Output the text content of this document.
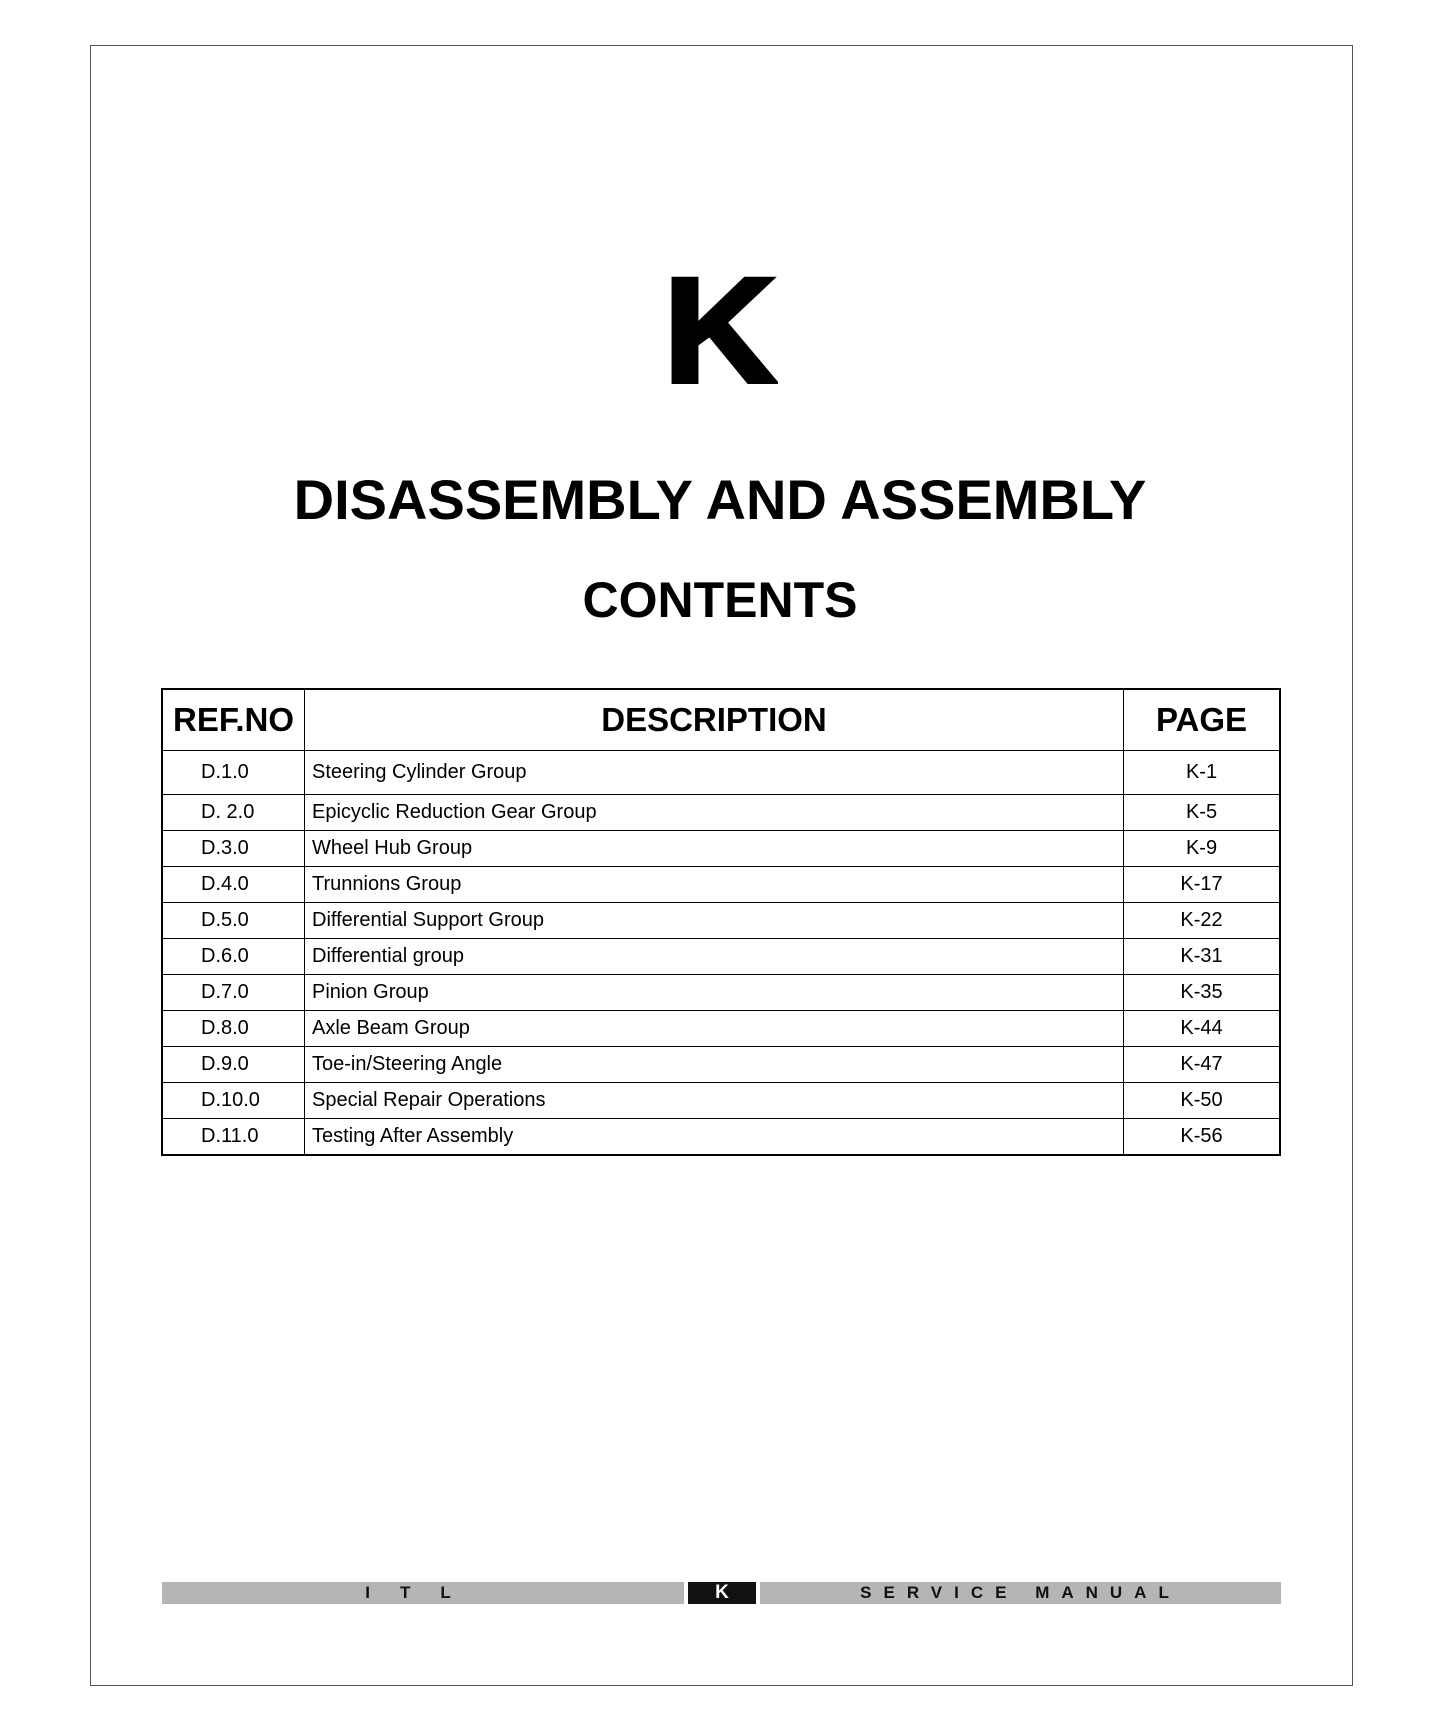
K
DISASSEMBLY AND ASSEMBLY
CONTENTS
REF.NO	DESCRIPTION	PAGE
D.1.0	Steering Cylinder Group	K-1
D. 2.0	Epicyclic Reduction Gear Group	K-5
D.3.0	Wheel Hub Group	K-9
D.4.0	Trunnions Group	K-17
D.5.0	Differential Support Group	K-22
D.6.0	Differential group	K-31
D.7.0	Pinion Group	K-35
D.8.0	Axle Beam Group	K-44
D.9.0	Toe-in/Steering Angle	K-47
D.10.0	Special Repair Operations	K-50
D.11.0	Testing After Assembly	K-56
ITL	K	SERVICE MANUAL
